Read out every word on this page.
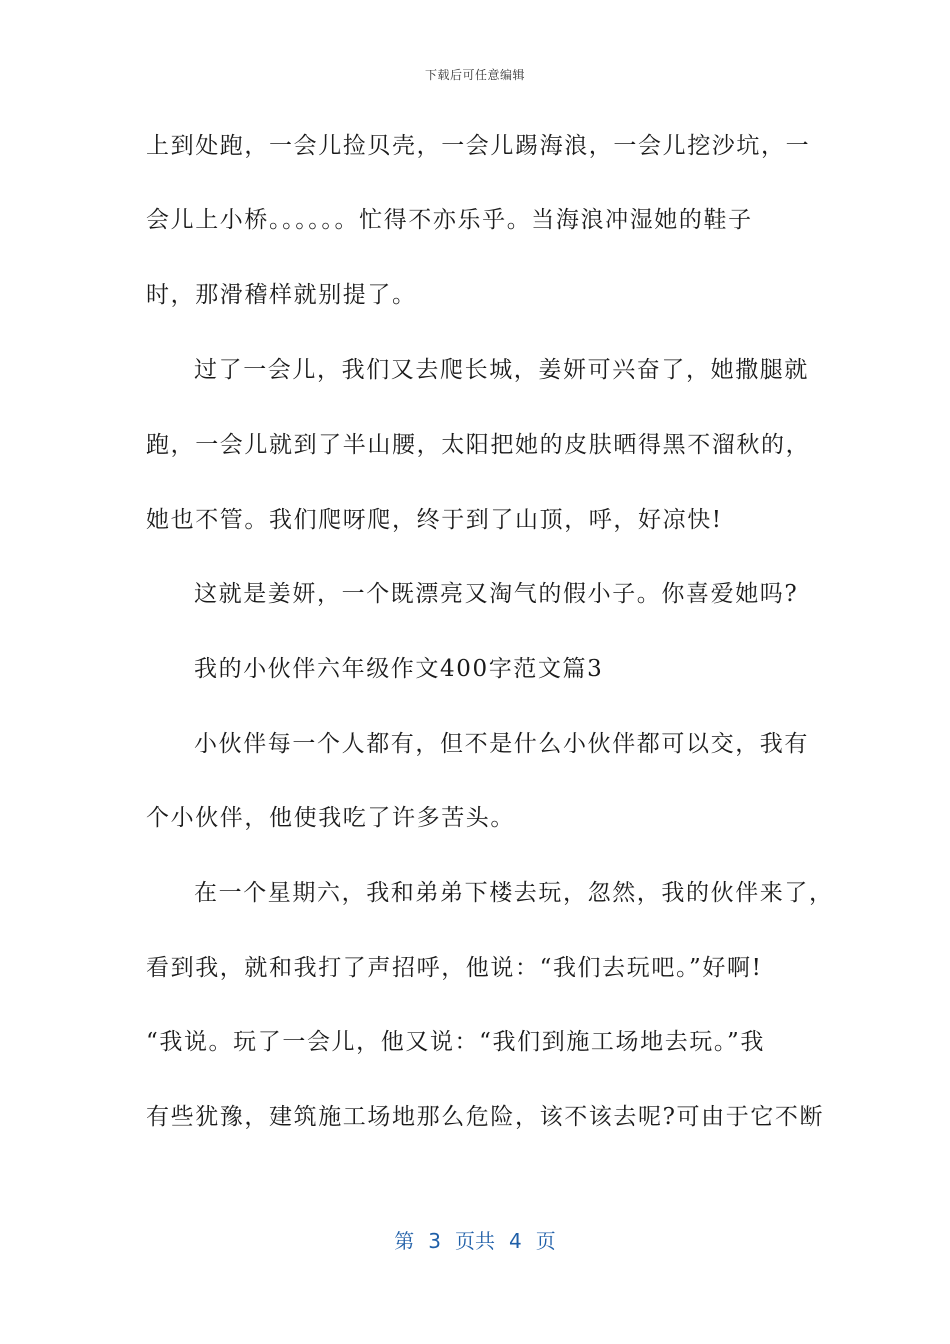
下载后可任意编辑
上到处跑，一会儿捡贝壳，一会儿踢海浪，一会儿挖沙坑，一
会儿上小桥。。。。。。忙得不亦乐乎。当海浪冲湿她的鞋子
时，那滑稽样就别提了。
过了一会儿，我们又去爬长城，姜妍可兴奋了，她撒腿就
跑，一会儿就到了半山腰，太阳把她的皮肤晒得黑不溜秋的，
她也不管。我们爬呀爬，终于到了山顶，呼，好凉快!
这就是姜妍，一个既漂亮又淘气的假小子。你喜爱她吗?
我的小伙伴六年级作文400字范文篇3
小伙伴每一个人都有，但不是什么小伙伴都可以交，我有
个小伙伴，他使我吃了许多苦头。
在一个星期六，我和弟弟下楼去玩，忽然，我的伙伴来了，
看到我，就和我打了声招呼，他说：“我们去玩吧。”好啊!
“我说。玩了一会儿，他又说：“我们到施工场地去玩。”我
有些犹豫，建筑施工场地那么危险，该不该去呢?可由于它不断
第 3 页共 4 页
